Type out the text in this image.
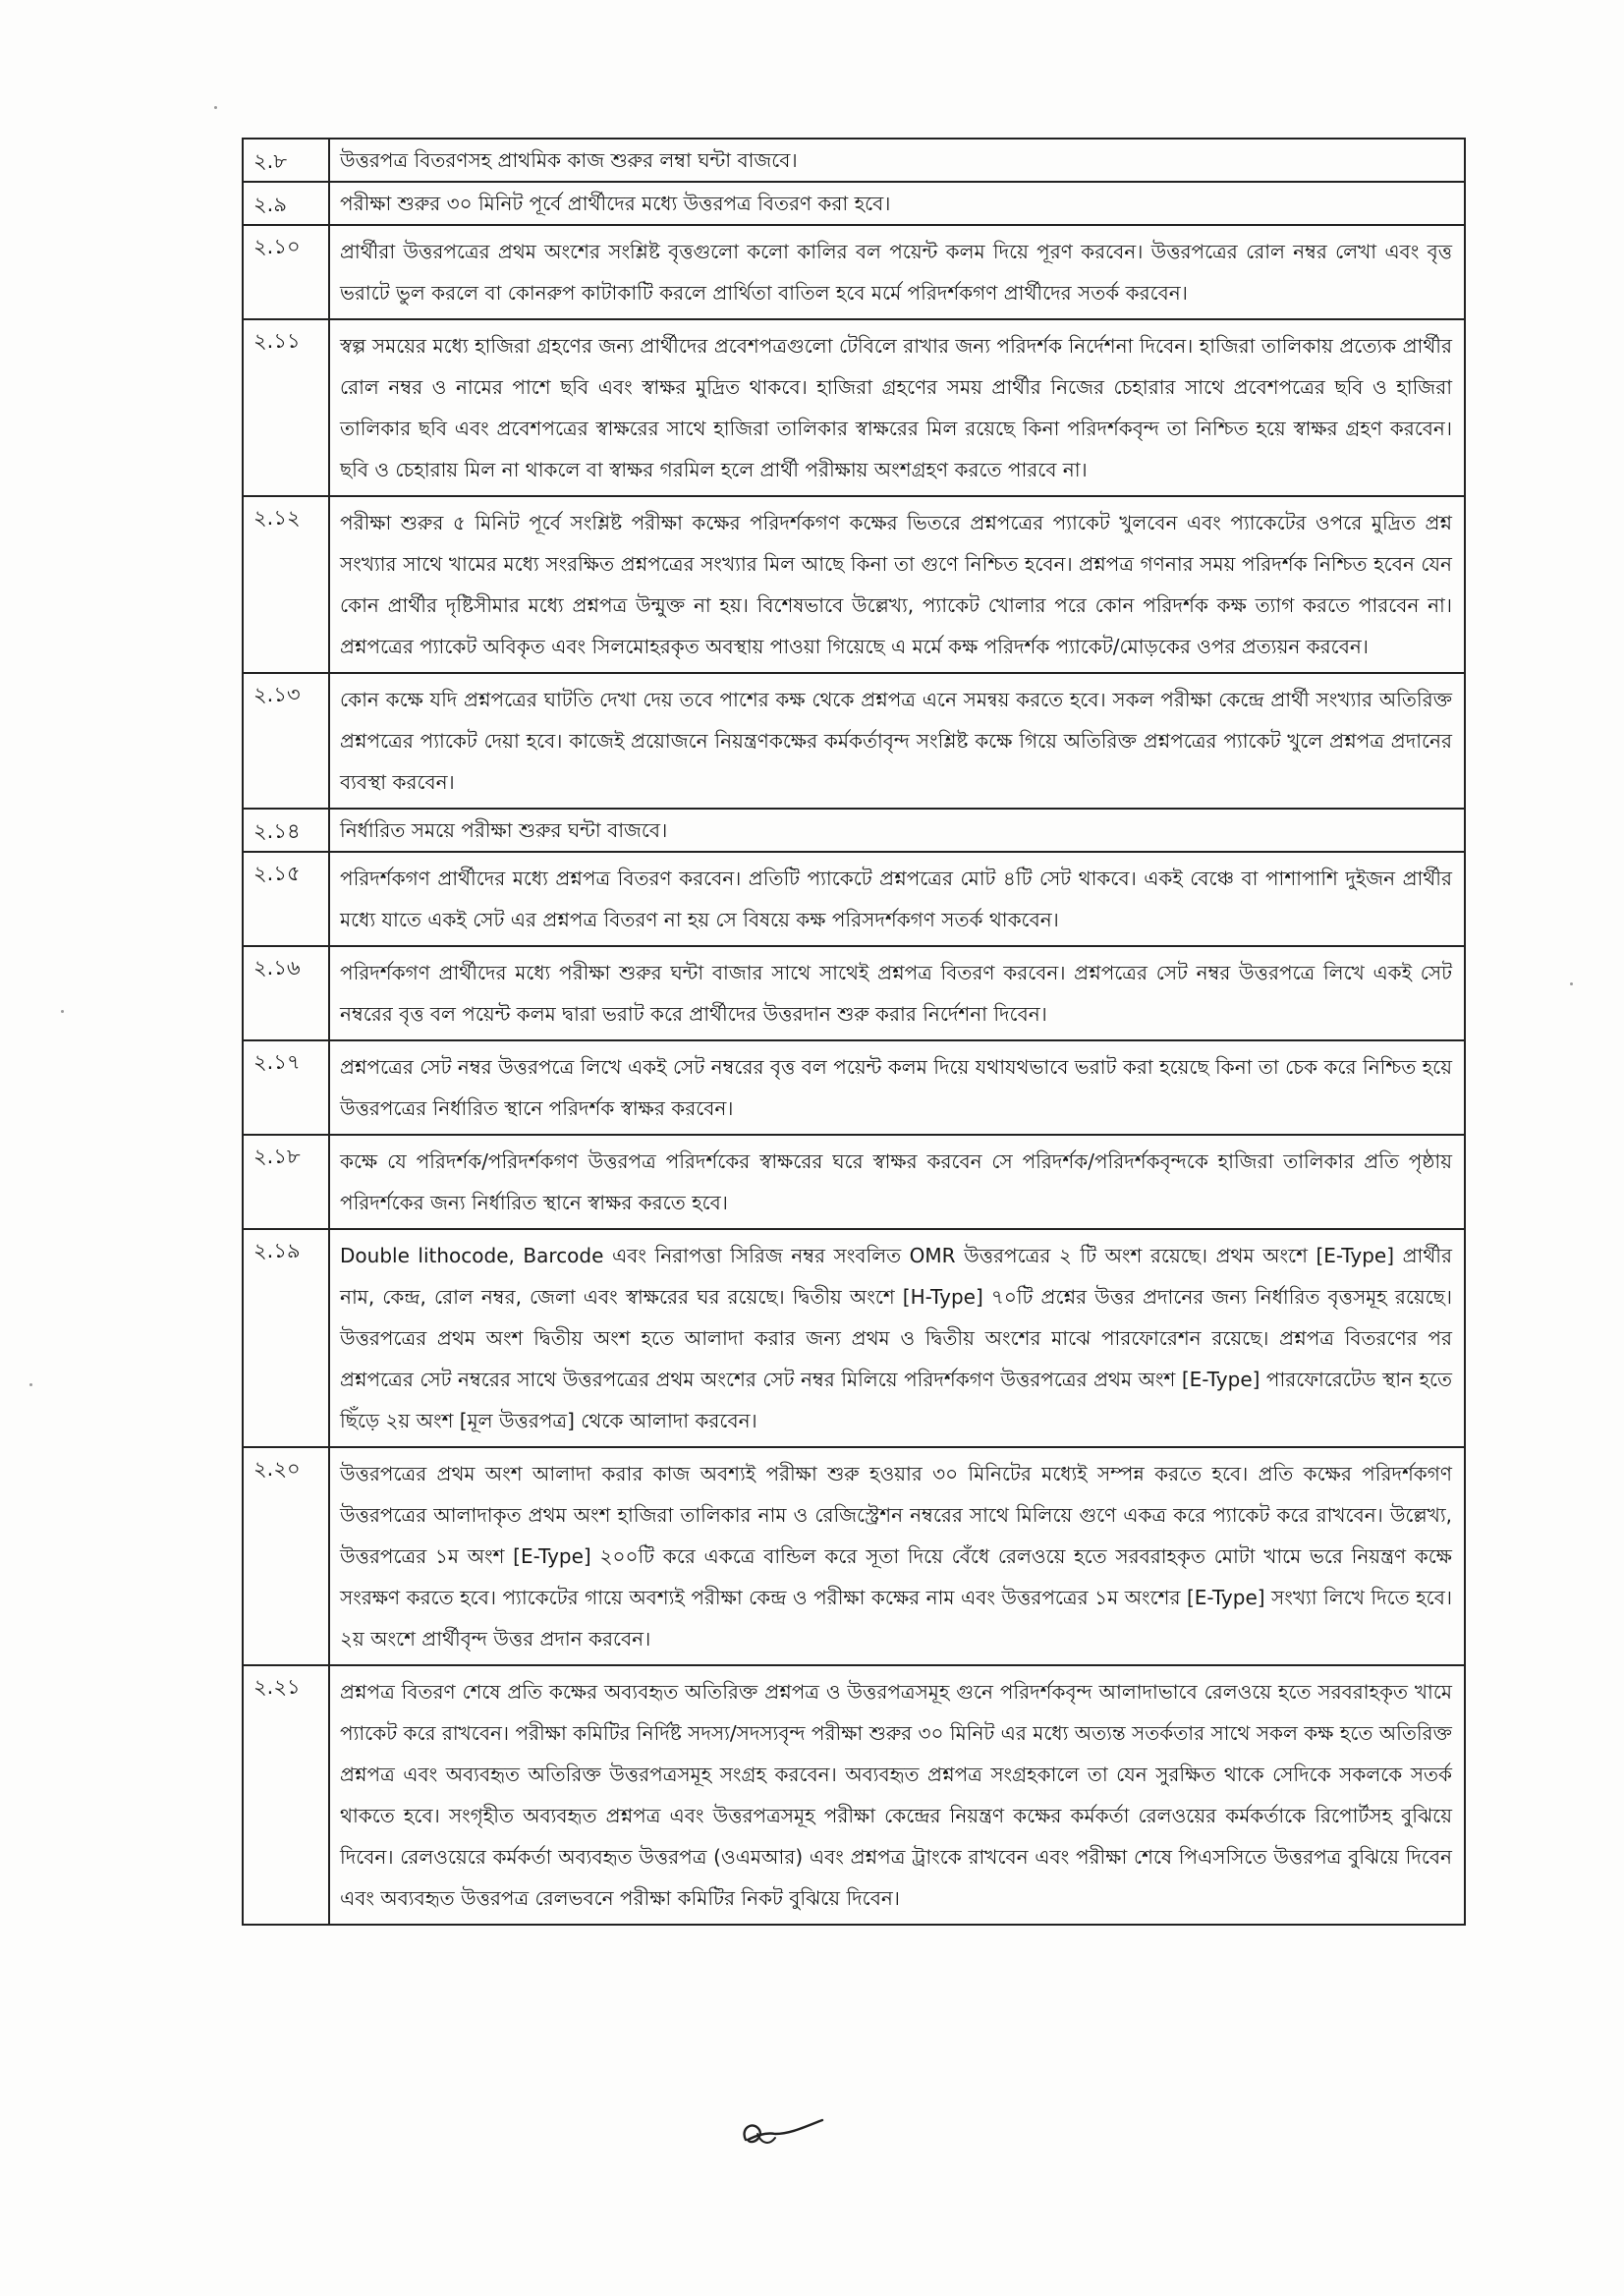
২.৮	উত্তরপত্র বিতরণসহ প্রাথমিক কাজ শুরুর লম্বা ঘন্টা বাজবে।
২.৯	পরীক্ষা শুরুর ৩০ মিনিট পূর্বে প্রার্থীদের মধ্যে উত্তরপত্র বিতরণ করা হবে।
২.১০	প্রার্থীরা উত্তরপত্রের প্রথম অংশের সংশ্লিষ্ট বৃত্তগুলো কলো কালির বল পয়েন্ট কলম দিয়ে পূরণ করবেন। উত্তরপত্রের রোল নম্বর লেখা এবং বৃত্ত ভরাটে ভুল করলে বা কোনরুপ কাটাকাটি করলে প্রার্থিতা বাতিল হবে মর্মে পরিদর্শকগণ প্রার্থীদের সতর্ক করবেন।
২.১১	স্বল্প সময়ের মধ্যে হাজিরা গ্রহণের জন্য প্রার্থীদের প্রবেশপত্রগুলো টেবিলে রাখার জন্য পরিদর্শক নির্দেশনা দিবেন। হাজিরা তালিকায় প্রত্যেক প্রার্থীর রোল নম্বর ও নামের পাশে ছবি এবং স্বাক্ষর মুদ্রিত থাকবে। হাজিরা গ্রহণের সময় প্রার্থীর নিজের চেহারার সাথে প্রবেশপত্রের ছবি ও হাজিরা তালিকার ছবি এবং প্রবেশপত্রের স্বাক্ষরের সাথে হাজিরা তালিকার স্বাক্ষরের মিল রয়েছে কিনা পরিদর্শকবৃন্দ তা নিশ্চিত হয়ে স্বাক্ষর গ্রহণ করবেন। ছবি ও চেহারায় মিল না থাকলে বা স্বাক্ষর গরমিল হলে প্রার্থী পরীক্ষায় অংশগ্রহণ করতে পারবে না।
২.১২	পরীক্ষা শুরুর ৫ মিনিট পূর্বে সংশ্লিষ্ট পরীক্ষা কক্ষের পরিদর্শকগণ কক্ষের ভিতরে প্রশ্নপত্রের প্যাকেট খুলবেন এবং প্যাকেটের ওপরে মুদ্রিত প্রশ্ন সংখ্যার সাথে খামের মধ্যে সংরক্ষিত প্রশ্নপত্রের সংখ্যার মিল আছে কিনা তা গুণে নিশ্চিত হবেন। প্রশ্নপত্র গণনার সময় পরিদর্শক নিশ্চিত হবেন যেন কোন প্রার্থীর দৃষ্টিসীমার মধ্যে প্রশ্নপত্র উন্মুক্ত না হয়। বিশেষভাবে উল্লেখ্য, প্যাকেট খোলার পরে কোন পরিদর্শক কক্ষ ত্যাগ করতে পারবেন না। প্রশ্নপত্রের প্যাকেট অবিকৃত এবং সিলমোহরকৃত অবস্থায় পাওয়া গিয়েছে এ মর্মে কক্ষ পরিদর্শক প্যাকেট/মোড়কের ওপর প্রত্যয়ন করবেন।
২.১৩	কোন কক্ষে যদি প্রশ্নপত্রের ঘাটতি দেখা দেয় তবে পাশের কক্ষ থেকে প্রশ্নপত্র এনে সমন্বয় করতে হবে। সকল পরীক্ষা কেন্দ্রে প্রার্থী সংখ্যার অতিরিক্ত প্রশ্নপত্রের প্যাকেট দেয়া হবে। কাজেই প্রয়োজনে নিয়ন্ত্রণকক্ষের কর্মকর্তাবৃন্দ সংশ্লিষ্ট কক্ষে গিয়ে অতিরিক্ত প্রশ্নপত্রের প্যাকেট খুলে প্রশ্নপত্র প্রদানের ব্যবস্থা করবেন।
২.১৪	নির্ধারিত সময়ে পরীক্ষা শুরুর ঘন্টা বাজবে।
২.১৫	পরিদর্শকগণ প্রার্থীদের মধ্যে প্রশ্নপত্র বিতরণ করবেন। প্রতিটি প্যাকেটে প্রশ্নপত্রের মোট ৪টি সেট থাকবে। একই বেঞ্চে বা পাশাপাশি দুইজন প্রার্থীর মধ্যে যাতে একই সেট এর প্রশ্নপত্র বিতরণ না হয় সে বিষয়ে কক্ষ পরিসদর্শকগণ সতর্ক থাকবেন।
২.১৬	পরিদর্শকগণ প্রার্থীদের মধ্যে পরীক্ষা শুরুর ঘন্টা বাজার সাথে সাথেই প্রশ্নপত্র বিতরণ করবেন। প্রশ্নপত্রের সেট নম্বর উত্তরপত্রে লিখে একই সেট নম্বরের বৃত্ত বল পয়েন্ট কলম দ্বারা ভরাট করে প্রার্থীদের উত্তরদান শুরু করার নির্দেশনা দিবেন।
২.১৭	প্রশ্নপত্রের সেট নম্বর উত্তরপত্রে লিখে একই সেট নম্বরের বৃত্ত বল পয়েন্ট কলম দিয়ে যথাযথভাবে ভরাট করা হয়েছে কিনা তা চেক করে নিশ্চিত হয়ে উত্তরপত্রের নির্ধারিত স্থানে পরিদর্শক স্বাক্ষর করবেন।
২.১৮	কক্ষে যে পরিদর্শক/পরিদর্শকগণ উত্তরপত্র পরিদর্শকের স্বাক্ষরের ঘরে স্বাক্ষর করবেন সে পরিদর্শক/পরিদর্শকবৃন্দকে হাজিরা তালিকার প্রতি পৃষ্ঠায় পরিদর্শকের জন্য নির্ধারিত স্থানে স্বাক্ষর করতে হবে।
২.১৯	Double lithocode, Barcode এবং নিরাপত্তা সিরিজ নম্বর সংবলিত OMR উত্তরপত্রের ২ টি অংশ রয়েছে। প্রথম অংশে [E-Type] প্রার্থীর নাম, কেন্দ্র, রোল নম্বর, জেলা এবং স্বাক্ষরের ঘর রয়েছে। দ্বিতীয় অংশে [H-Type] ৭০টি প্রশ্নের উত্তর প্রদানের জন্য নির্ধারিত বৃত্তসমূহ রয়েছে। উত্তরপত্রের প্রথম অংশ দ্বিতীয় অংশ হতে আলাদা করার জন্য প্রথম ও দ্বিতীয় অংশের মাঝে পারফোরেশন রয়েছে। প্রশ্নপত্র বিতরণের পর প্রশ্নপত্রের সেট নম্বরের সাথে উত্তরপত্রের প্রথম অংশের সেট নম্বর মিলিয়ে পরিদর্শকগণ উত্তরপত্রের প্রথম অংশ [E-Type] পারফোরেটেড স্থান হতে ছিঁড়ে ২য় অংশ [মূল উত্তরপত্র] থেকে আলাদা করবেন।
২.২০	উত্তরপত্রের প্রথম অংশ আলাদা করার কাজ অবশ্যই পরীক্ষা শুরু হওয়ার ৩০ মিনিটের মধ্যেই সম্পন্ন করতে হবে। প্রতি কক্ষের পরিদর্শকগণ উত্তরপত্রের আলাদাকৃত প্রথম অংশ হাজিরা তালিকার নাম ও রেজিস্ট্রেশন নম্বরের সাথে মিলিয়ে গুণে একত্র করে প্যাকেট করে রাখবেন। উল্লেখ্য, উত্তরপত্রের ১ম অংশ [E-Type] ২০০টি করে একত্রে বান্ডিল করে সূতা দিয়ে বেঁধে রেলওয়ে হতে সরবরাহকৃত মোটা খামে ভরে নিয়ন্ত্রণ কক্ষে সংরক্ষণ করতে হবে। প্যাকেটের গায়ে অবশ্যই পরীক্ষা কেন্দ্র ও পরীক্ষা কক্ষের নাম এবং উত্তরপত্রের ১ম অংশের [E-Type] সংখ্যা লিখে দিতে হবে। ২য় অংশে প্রার্থীবৃন্দ উত্তর প্রদান করবেন।
২.২১	প্রশ্নপত্র বিতরণ শেষে প্রতি কক্ষের অব্যবহৃত অতিরিক্ত প্রশ্নপত্র ও উত্তরপত্রসমূহ গুনে পরিদর্শকবৃন্দ আলাদাভাবে রেলওয়ে হতে সরবরাহকৃত খামে প্যাকেট করে রাখবেন। পরীক্ষা কমিটির নির্দিষ্ট সদস্য/সদস্যবৃন্দ পরীক্ষা শুরুর ৩০ মিনিট এর মধ্যে অত্যন্ত সতর্কতার সাথে সকল কক্ষ হতে অতিরিক্ত প্রশ্নপত্র এবং অব্যবহৃত অতিরিক্ত উত্তরপত্রসমূহ সংগ্রহ করবেন। অব্যবহৃত প্রশ্নপত্র সংগ্রহকালে তা যেন সুরক্ষিত থাকে সেদিকে সকলকে সতর্ক থাকতে হবে। সংগৃহীত অব্যবহৃত প্রশ্নপত্র এবং উত্তরপত্রসমূহ পরীক্ষা কেন্দ্রের নিয়ন্ত্রণ কক্ষের কর্মকর্তা রেলওয়ের কর্মকর্তাকে রিপোর্টসহ বুঝিয়ে দিবেন। রেলওয়েরে কর্মকর্তা অব্যবহৃত উত্তরপত্র (ওএমআর) এবং প্রশ্নপত্র ট্রাংকে রাখবেন এবং পরীক্ষা শেষে পিএসসিতে উত্তরপত্র বুঝিয়ে দিবেন এবং অব্যবহৃত উত্তরপত্র রেলভবনে পরীক্ষা কমিটির নিকট বুঝিয়ে দিবেন।
